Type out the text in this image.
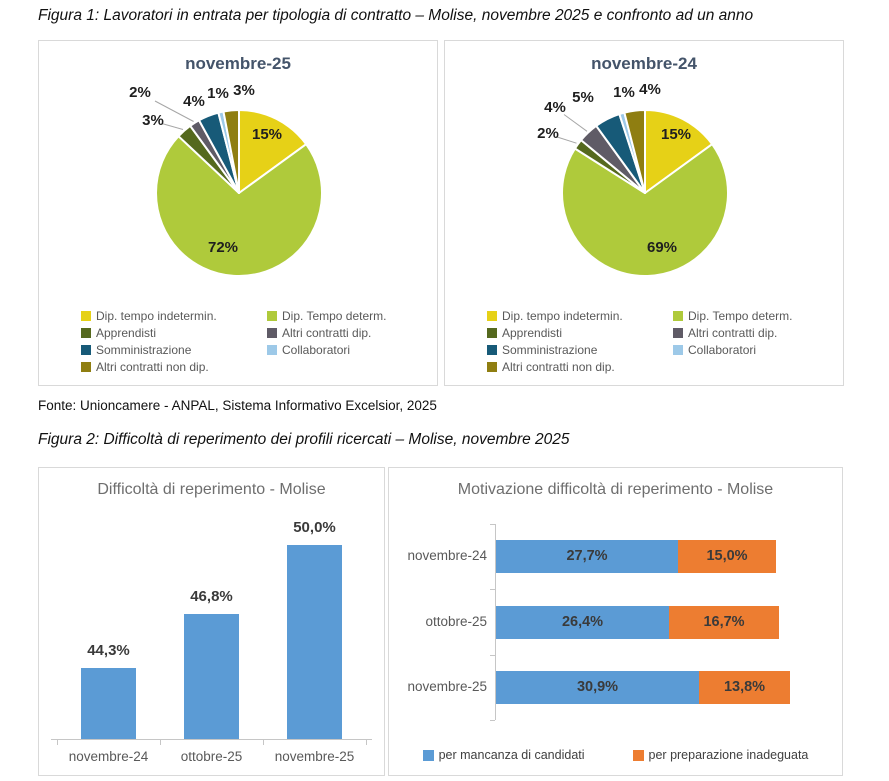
Figura 1: Lavoratori in entrata per tipologia di contratto – Molise, novembre 2025 e confronto ad un anno
novembre-25
15%
72%
3%
2%
4% 1% 3%
Dip. tempo indetermin.
Apprendisti
Somministrazione
Altri contratti non dip.
Dip. Tempo determ.
Altri contratti dip.
Collaboratori
novembre-24
15%
69%
2%
4%
5% 1% 4%
Dip. tempo indetermin.
Apprendisti
Somministrazione
Altri contratti non dip.
Dip. Tempo determ.
Altri contratti dip.
Collaboratori
Fonte: Unioncamere - ANPAL, Sistema Informativo Excelsior, 2025
Figura 2: Difficoltà di reperimento dei profili ricercati – Molise, novembre 2025
Difficoltà di reperimento - Molise
44,3%
novembre-24
46,8%
ottobre-25
50,0%
novembre-25
Motivazione difficoltà di reperimento - Molise
novembre-24	27,7%	15,0%
ottobre-25	26,4%	16,7%
novembre-25	30,9%	13,8%
per mancanza di candidati	per preparazione inadeguata
